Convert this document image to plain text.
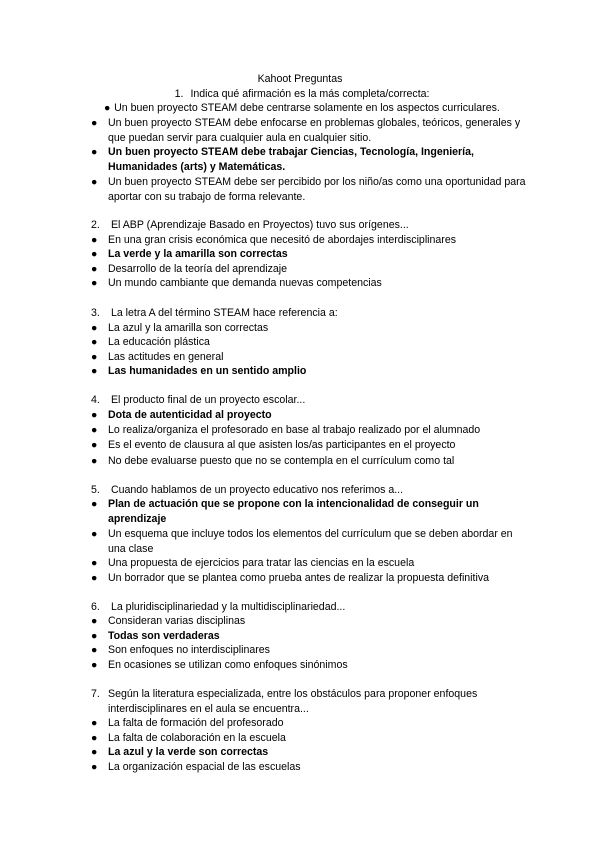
Kahoot Preguntas
1. Indica qué afirmación es la más completa/correcta:
● Un buen proyecto STEAM debe centrarse solamente en los aspectos curriculares.
● Un buen proyecto STEAM debe enfocarse en problemas globales, teóricos, generales y que puedan servir para cualquier aula en cualquier sitio.
● Un buen proyecto STEAM debe trabajar Ciencias, Tecnología, Ingeniería, Humanidades (arts) y Matemáticas.
● Un buen proyecto STEAM debe ser percibido por los niño/as como una oportunidad para aportar con su trabajo de forma relevante.
2. El ABP (Aprendizaje Basado en Proyectos) tuvo sus orígenes...
● En una gran crisis económica que necesitó de abordajes interdisciplinares
● La verde y la amarilla son correctas
● Desarrollo de la teoría del aprendizaje
● Un mundo cambiante que demanda nuevas competencias
3. La letra A del término STEAM hace referencia a:
● La azul y la amarilla son correctas
● La educación plástica
● Las actitudes en general
● Las humanidades en un sentido amplio
4. El producto final de un proyecto escolar...
● Dota de autenticidad al proyecto
● Lo realiza/organiza el profesorado en base al trabajo realizado por el alumnado
● Es el evento de clausura al que asisten los/as participantes en el proyecto
● No debe evaluarse puesto que no se contempla en el currículum como tal
5. Cuando hablamos de un proyecto educativo nos referimos a...
● Plan de actuación que se propone con la intencionalidad de conseguir un aprendizaje
● Un esquema que incluye todos los elementos del currículum que se deben abordar en una clase
● Una propuesta de ejercicios para tratar las ciencias en la escuela
● Un borrador que se plantea como prueba antes de realizar la propuesta definitiva
6. La pluridisciplinariedad y la multidisciplinariedad...
● Consideran varias disciplinas
● Todas son verdaderas
● Son enfoques no interdisciplinares
● En ocasiones se utilizan como enfoques sinónimos
7. Según la literatura especializada, entre los obstáculos para proponer enfoques interdisciplinares en el aula se encuentra...
● La falta de formación del profesorado
● La falta de colaboración en la escuela
● La azul y la verde son correctas
● La organización espacial de las escuelas
